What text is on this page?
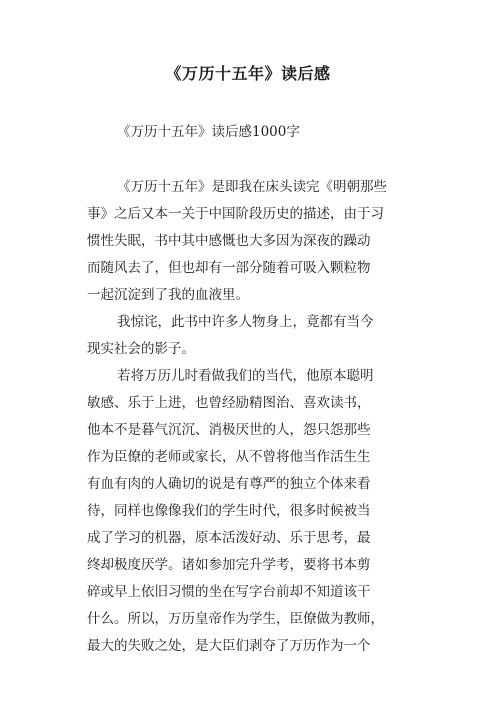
《万历十五年》读后感
《万历十五年》读后感1000字
《万历十五年》是即我在床头读完《明朝那些
事》之后又本一关于中国阶段历史的描述，由于习
惯性失眠，书中其中感慨也大多因为深夜的躁动
而随风去了，但也却有一部分随着可吸入颗粒物
一起沉淀到了我的血液里。
我惊诧，此书中许多人物身上，竟都有当今
现实社会的影子。
若将万历儿时看做我们的当代，他原本聪明
敏感、乐于上进，也曾经励精图治、喜欢读书，
他本不是暮气沉沉、消极厌世的人，怨只怨那些
作为臣僚的老师或家长，从不曾将他当作活生生
有血有肉的人确切的说是有尊严的独立个体来看
待，同样也像像我们的学生时代，很多时候被当
成了学习的机器，原本活泼好动、乐于思考，最
终却极度厌学。诸如参加完升学考，要将书本剪
碎或早上依旧习惯的坐在写字台前却不知道该干
什么。所以，万历皇帝作为学生，臣僚做为教师，
最大的失败之处，是大臣们剥夺了万历作为一个
